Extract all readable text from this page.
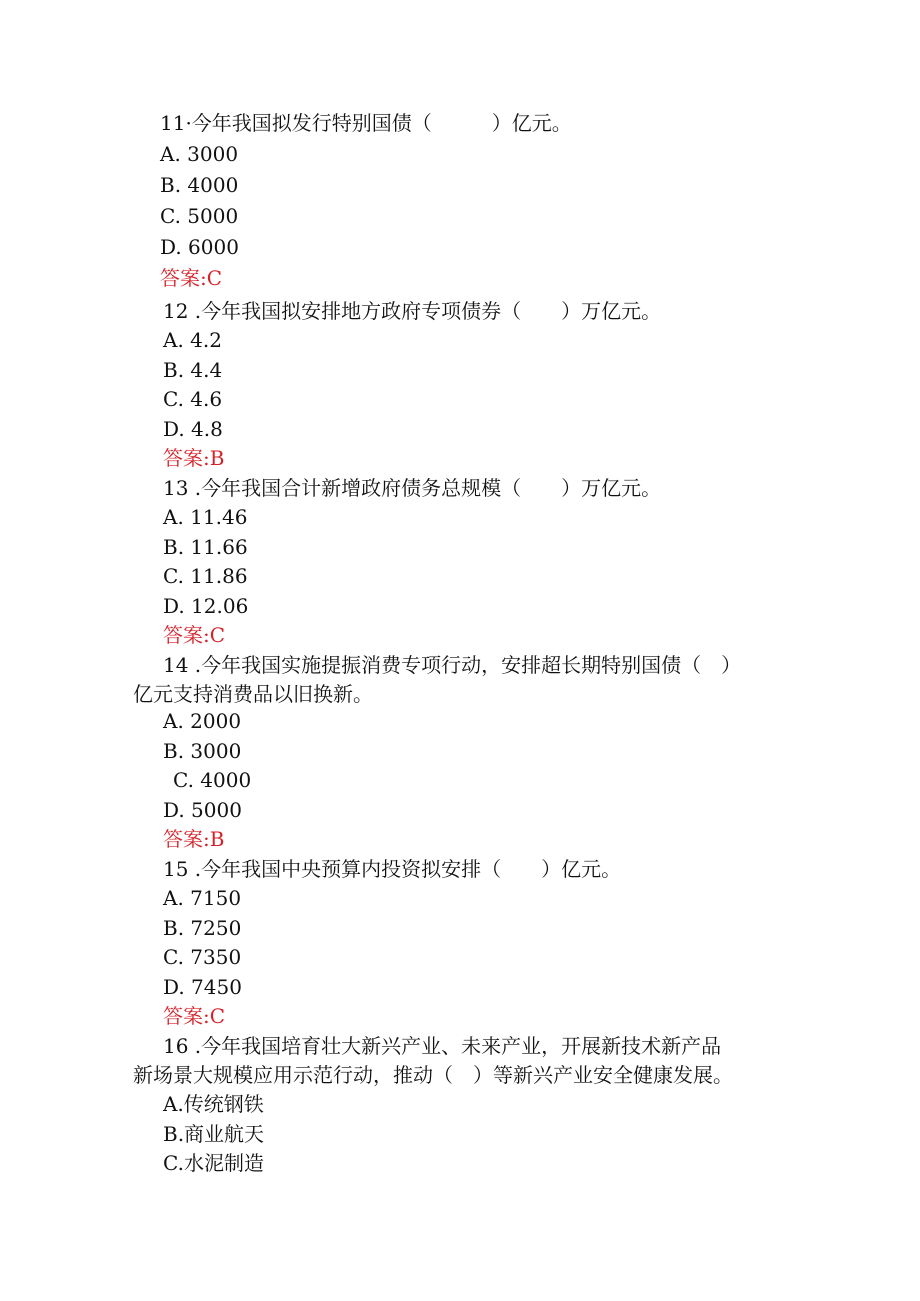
11·今年我国拟发行特别国债（　　　）亿元。
A. 3000
B. 4000
C. 5000
D. 6000
答案:C
12 .今年我国拟安排地方政府专项债券（　　）万亿元。
A. 4.2
B. 4.4
C. 4.6
D. 4.8
答案:B
13 .今年我国合计新增政府债务总规模（　　）万亿元。
A. 11.46
B. 11.66
C. 11.86
D. 12.06
答案:C
14 .今年我国实施提振消费专项行动，安排超长期特别国债（　）
亿元支持消费品以旧换新。
A. 2000
B. 3000
C. 4000
D. 5000
答案:B
15 .今年我国中央预算内投资拟安排（　　）亿元。
A. 7150
B. 7250
C. 7350
D. 7450
答案:C
16 .今年我国培育壮大新兴产业、未来产业，开展新技术新产品
新场景大规模应用示范行动，推动（　）等新兴产业安全健康发展。
A.传统钢铁
B.商业航天
C.水泥制造
